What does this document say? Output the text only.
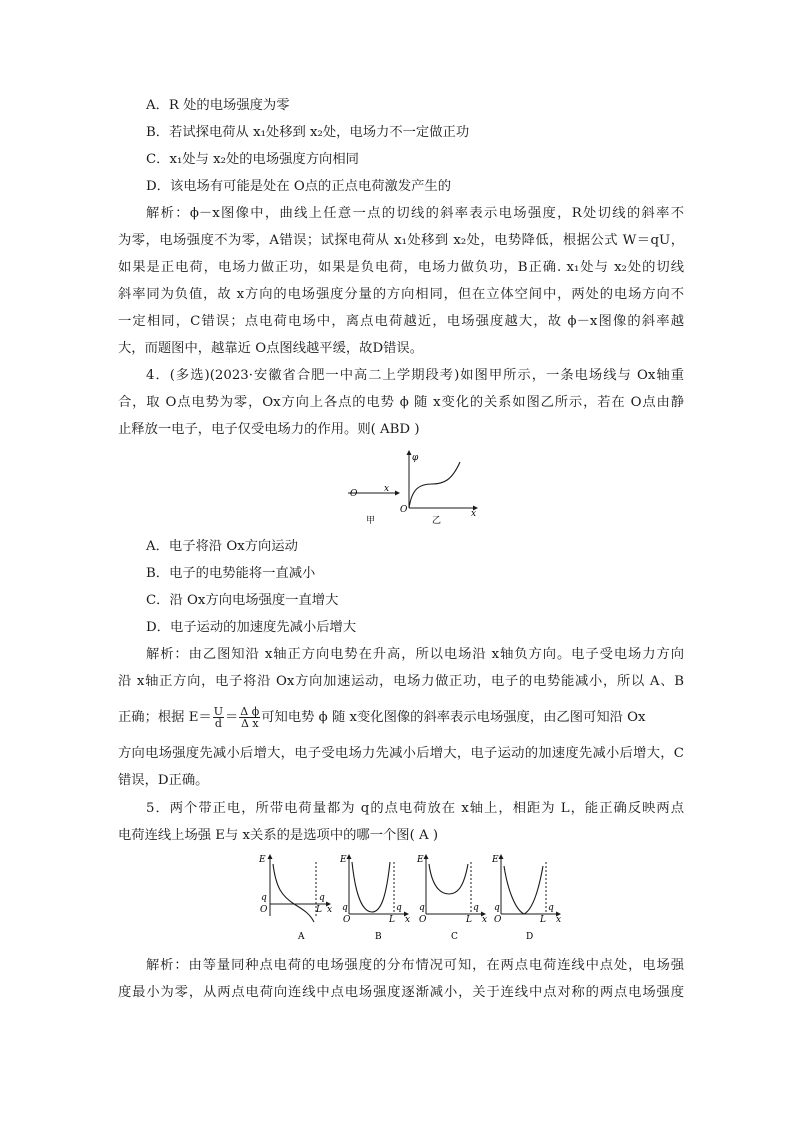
A．R 处的电场强度为零
B．若试探电荷从 x₁处移到 x₂处，电场力不一定做正功
C．x₁处与 x₂处的电场强度方向相同
D．该电场有可能是处在 O点的正点电荷激发产生的
解析：ϕ－x图像中，曲线上任意一点的切线的斜率表示电场强度，R处切线的斜率不
为零，电场强度不为零，A错误；试探电荷从 x₁处移到 x₂处，电势降低，根据公式 W＝qU，
如果是正电荷，电场力做正功，如果是负电荷，电场力做负功，B正确. x₁处与 x₂处的切线
斜率同为负值，故 x方向的电场强度分量的方向相同，但在立体空间中，两处的电场方向不
一定相同，C错误；点电荷电场中，离点电荷越近，电场强度越大，故 ϕ－x图像的斜率越
大，而题图中，越靠近 O点图线越平缓，故D错误。
4．(多选)(2023·安徽省合肥一中高二上学期段考)如图甲所示，一条电场线与 Ox轴重
合，取 O点电势为零，Ox方向上各点的电势 ϕ 随 x变化的关系如图乙所示，若在 O点由静
止释放一电子，电子仅受电场力的作用。则( ABD )
O	x
甲
φ
O	x
乙
A．电子将沿 Ox方向运动
B．电子的电势能将一直减小
C．沿 Ox方向电场强度一直增大
D．电子运动的加速度先减小后增大
解析：由乙图知沿 x轴正方向电势在升高，所以电场沿 x轴负方向。电子受电场力方向
沿 x轴正方向，电子将沿 Ox方向加速运动，电场力做正功，电子的电势能减小，所以 A、B
正确；根据 $E= \frac{U}{d} = \frac{\text{Δ ϕ}}{\text{Δ x}}$ 可知电势 ϕ 随 x变化图像的斜率表示电场强度，由乙图可知沿 Ox
方向电场强度先减小后增大，电子受电场力先减小后增大，电子运动的加速度先减小后增大，C
错误，D正确。
5．两个带正电，所带电荷量都为 q的点电荷放在 x轴上，相距为 L，能正确反映两点
电荷连线上场强 E与 x关系的是选项中的哪一个图( A )
E
q
O
q
L x
A
E
q
O
q
L x
B
E
q
O
q
L x
C
E
q
O
q
L x
D
解析：由等量同种点电荷的电场强度的分布情况可知，在两点电荷连线中点处，电场强
度最小为零，从两点电荷向连线中点电场强度逐渐减小，关于连线中点对称的两点电场强度
